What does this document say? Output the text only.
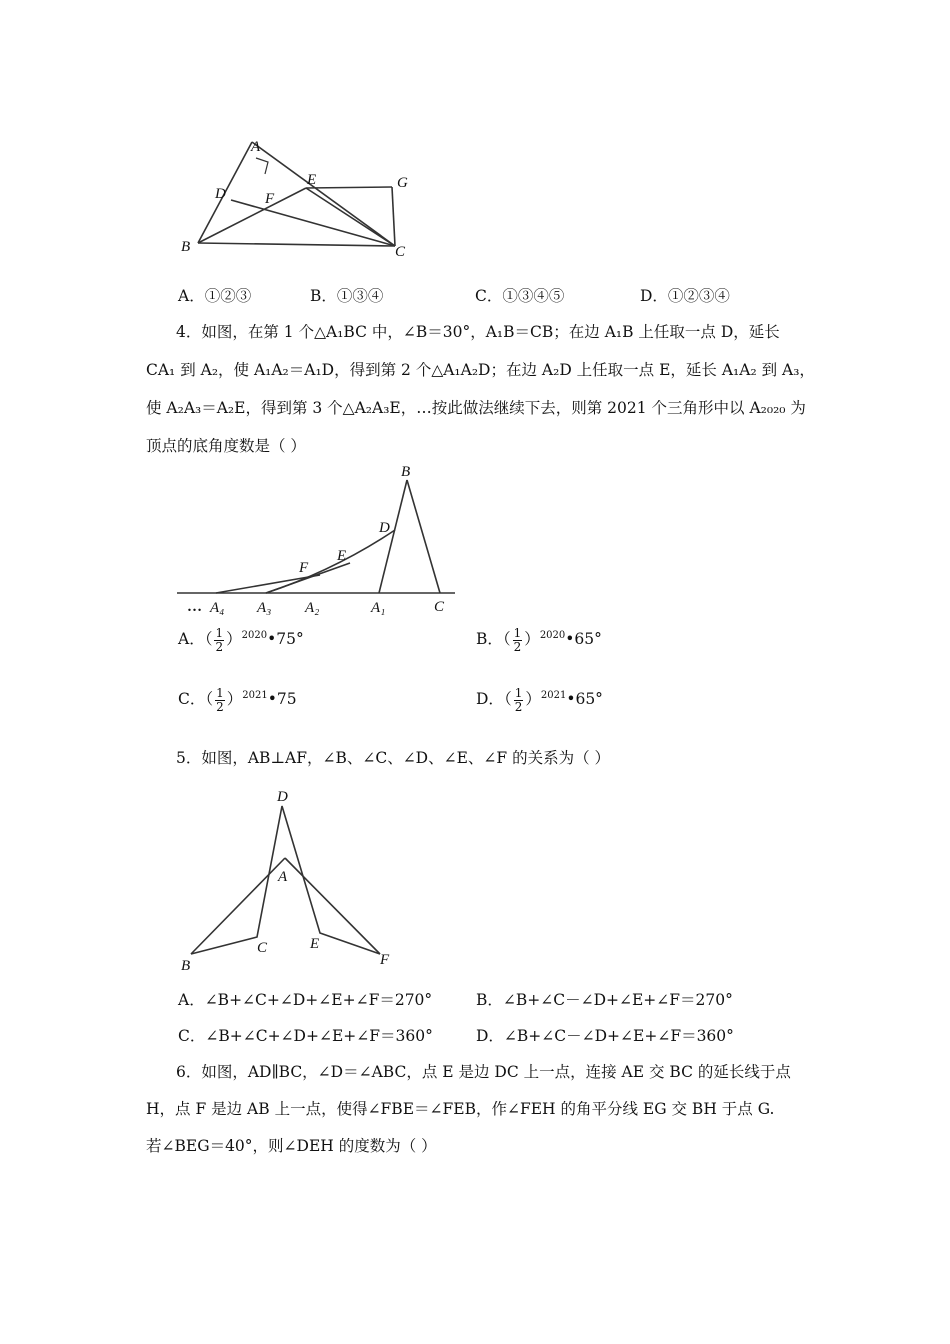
A
D	F
E	G
B	C
A．①②③	B．①③④	C．①③④⑤	D．①②③④
4．如图，在第 1 个△A₁BC 中，∠B＝30°，A₁B＝CB；在边 A₁B 上任取一点 D，延长
CA₁ 到 A₂，使 A₁A₂＝A₁D，得到第 2 个△A₁A₂D；在边 A₂D 上任取一点 E，延长 A₁A₂ 到 A₃，
使 A₂A₃＝A₂E，得到第 3 个△A₂A₃E，…按此做法继续下去，则第 2021 个三角形中以 A₂₀₂₀ 为
顶点的底角度数是（ ）
B
D
E
F
… A₄ A₃ A₂	A₁	C
A．（ $\frac{1}{2}$ ）$^{2020}$•75°	B．（ $\frac{1}{2}$ ）$^{2020}$•65°
C．（ $\frac{1}{2}$ ）$^{2021}$•75	D．（ $\frac{1}{2}$ ）$^{2021}$•65°
5．如图，AB⊥AF，∠B、∠C、∠D、∠E、∠F 的关系为（ ）
D
A
B
C	E
F
A．∠B+∠C+∠D+∠E+∠F＝270°	B．∠B+∠C－∠D+∠E+∠F＝270°
C．∠B+∠C+∠D+∠E+∠F＝360°	D．∠B+∠C－∠D+∠E+∠F＝360°
6．如图，AD∥BC，∠D＝∠ABC，点 E 是边 DC 上一点，连接 AE 交 BC 的延长线于点
H，点 F 是边 AB 上一点，使得∠FBE＝∠FEB，作∠FEH 的角平分线 EG 交 BH 于点 G.
若∠BEG＝40°，则∠DEH 的度数为（ ）
